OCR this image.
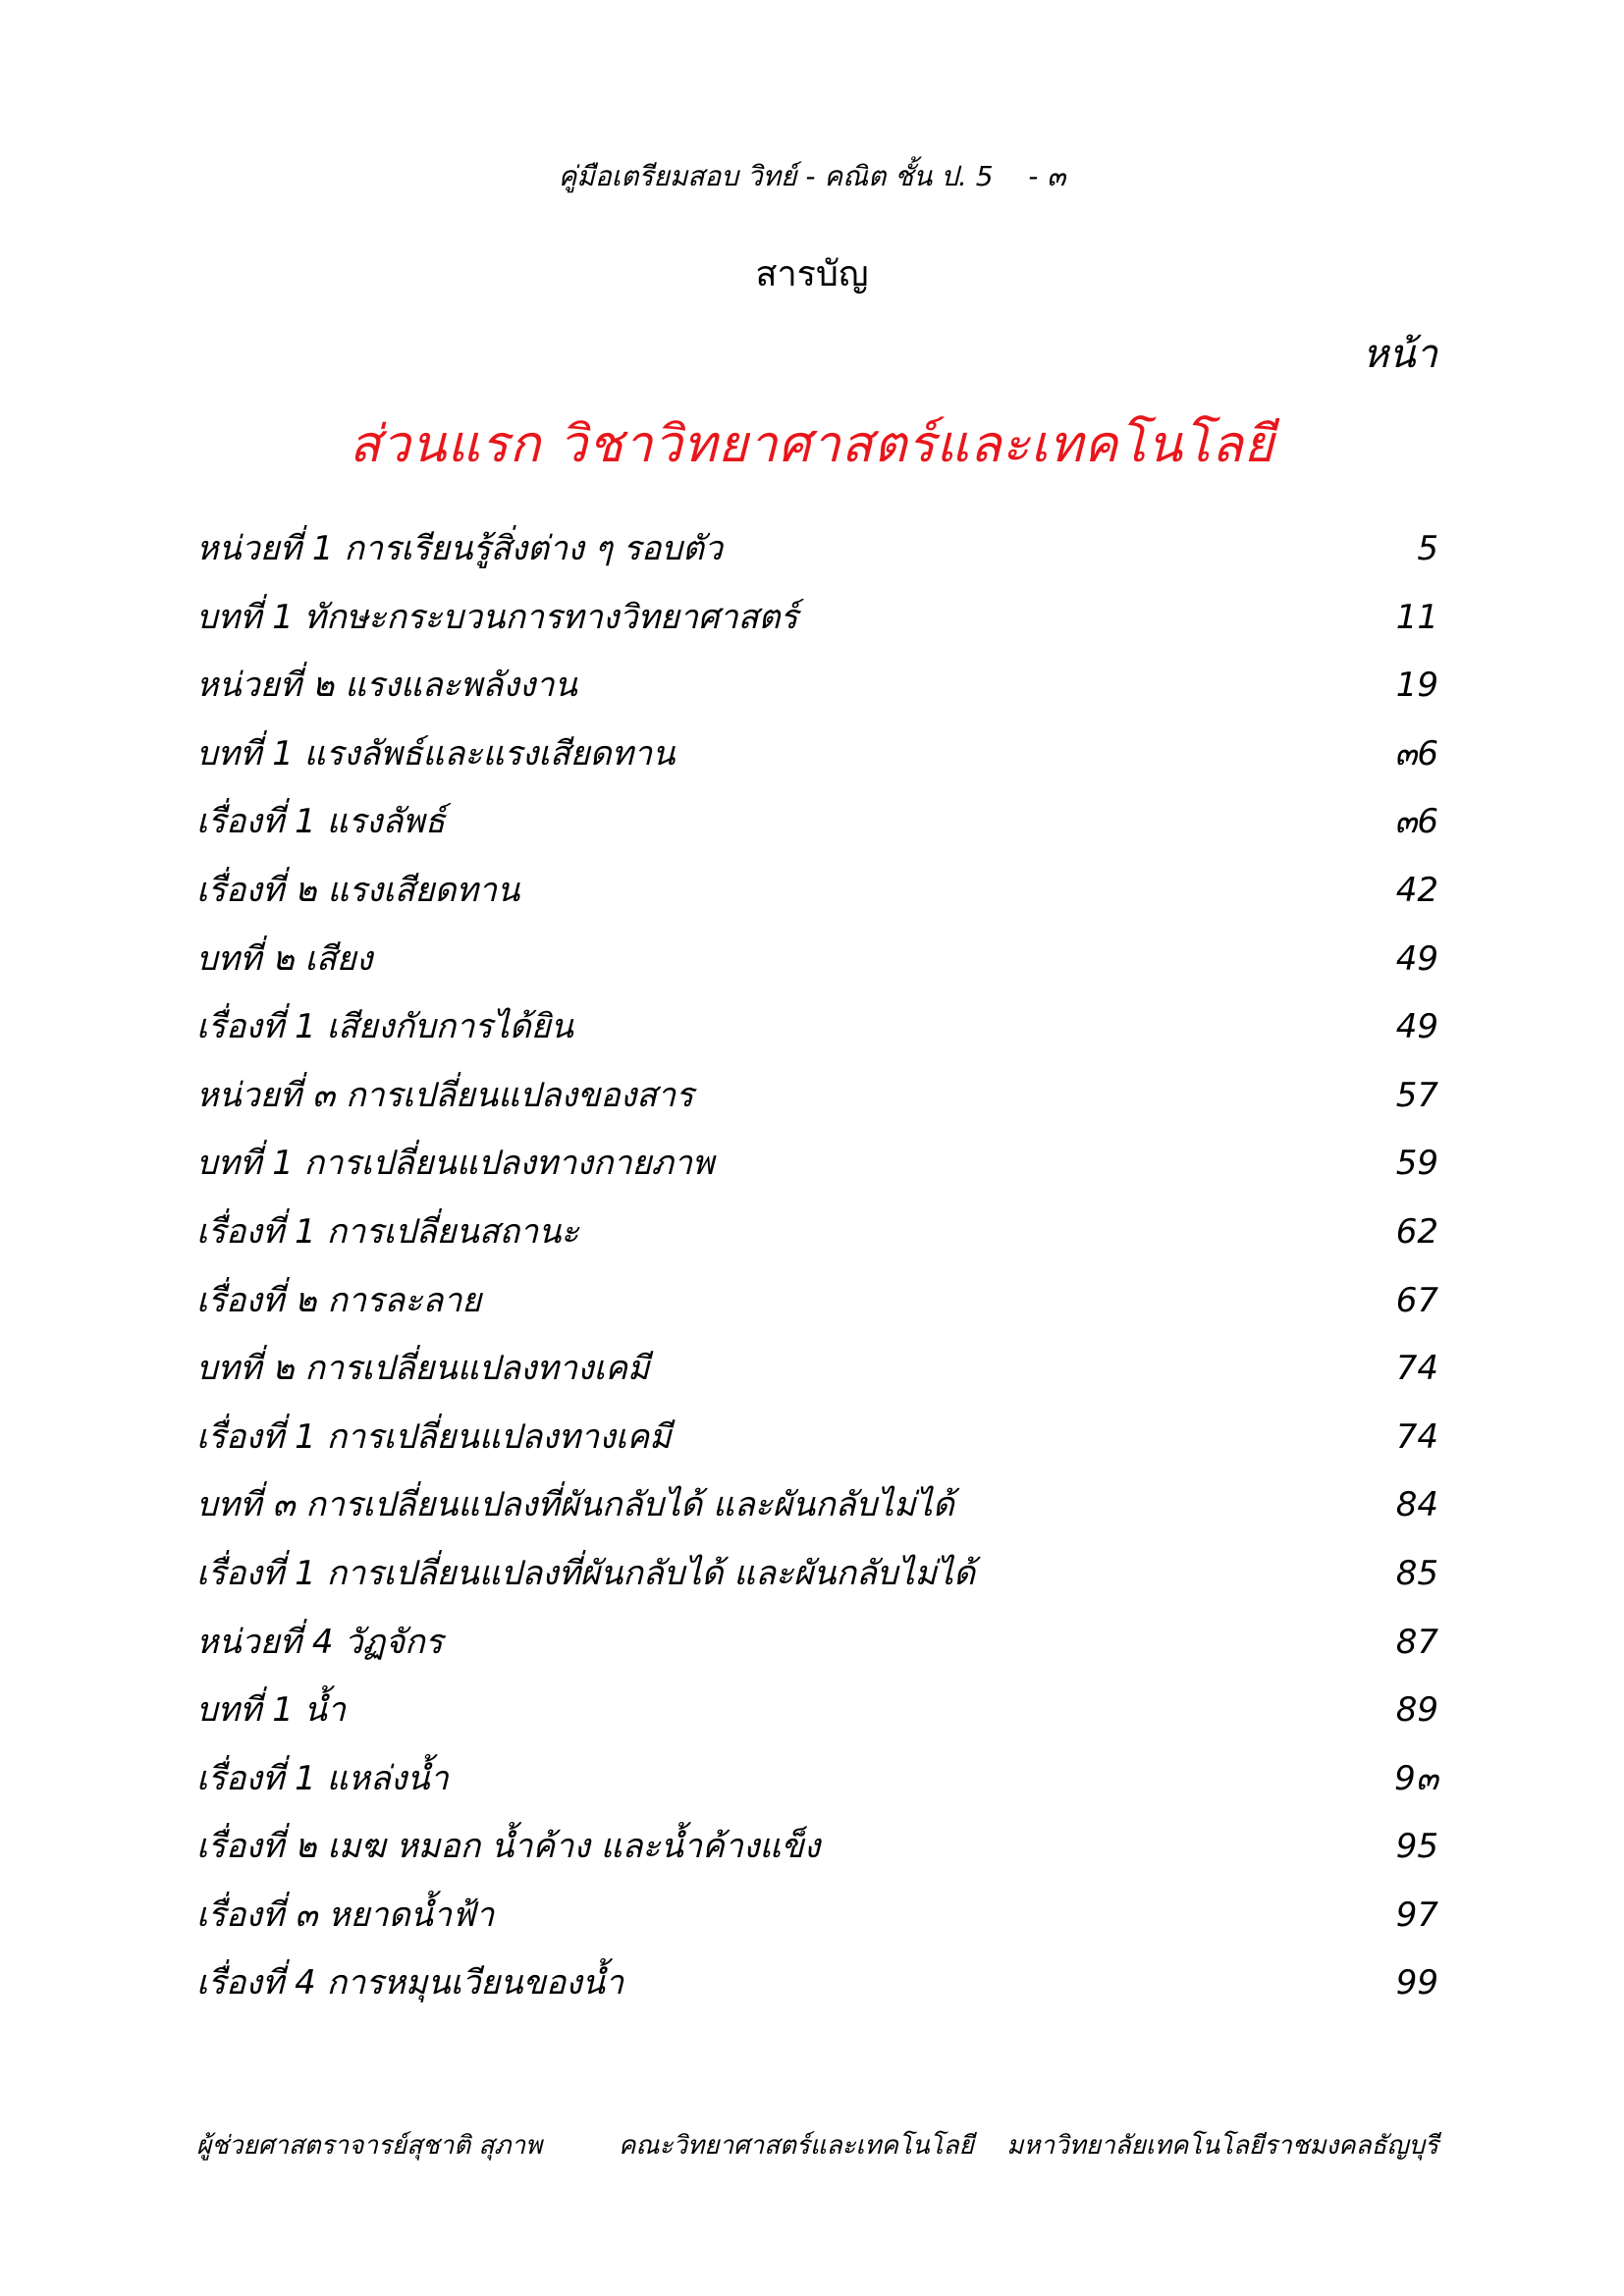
คู่มือเตรียมสอบ วิทย์ - คณิต ชั้น ป. 5    - ๓
สารบัญ
หน้า
ส่วนแรก วิชาวิทยาศาสตร์และเทคโนโลยี
หน่วยที่ 1 การเรียนรู้สิ่งต่าง ๆ รอบตัว	5
บทที่ 1 ทักษะกระบวนการทางวิทยาศาสตร์	11
หน่วยที่ ๒ แรงและพลังงาน	19
บทที่ 1 แรงลัพธ์และแรงเสียดทาน	๓6
เรื่องที่ 1 แรงลัพธ์	๓6
เรื่องที่ ๒ แรงเสียดทาน	42
บทที่ ๒ เสียง	49
เรื่องที่ 1 เสียงกับการได้ยิน	49
หน่วยที่ ๓ การเปลี่ยนแปลงของสาร	57
บทที่ 1 การเปลี่ยนแปลงทางกายภาพ	59
เรื่องที่ 1 การเปลี่ยนสถานะ	62
เรื่องที่ ๒ การละลาย	67
บทที่ ๒ การเปลี่ยนแปลงทางเคมี	74
เรื่องที่ 1 การเปลี่ยนแปลงทางเคมี	74
บทที่ ๓ การเปลี่ยนแปลงที่ผันกลับได้ และผันกลับไม่ได้	84
เรื่องที่ 1 การเปลี่ยนแปลงที่ผันกลับได้ และผันกลับไม่ได้	85
หน่วยที่ 4 วัฏจักร	87
บทที่ 1 น้ำ	89
เรื่องที่ 1 แหล่งน้ำ	9๓
เรื่องที่ ๒ เมฆ หมอก น้ำค้าง และน้ำค้างแข็ง	95
เรื่องที่ ๓ หยาดน้ำฟ้า	97
เรื่องที่ 4 การหมุนเวียนของน้ำ	99
ผู้ช่วยศาสตราจารย์สุชาติ สุภาพ	คณะวิทยาศาสตร์และเทคโนโลยี มหาวิทยาลัยเทคโนโลยีราชมงคลธัญบุรี
